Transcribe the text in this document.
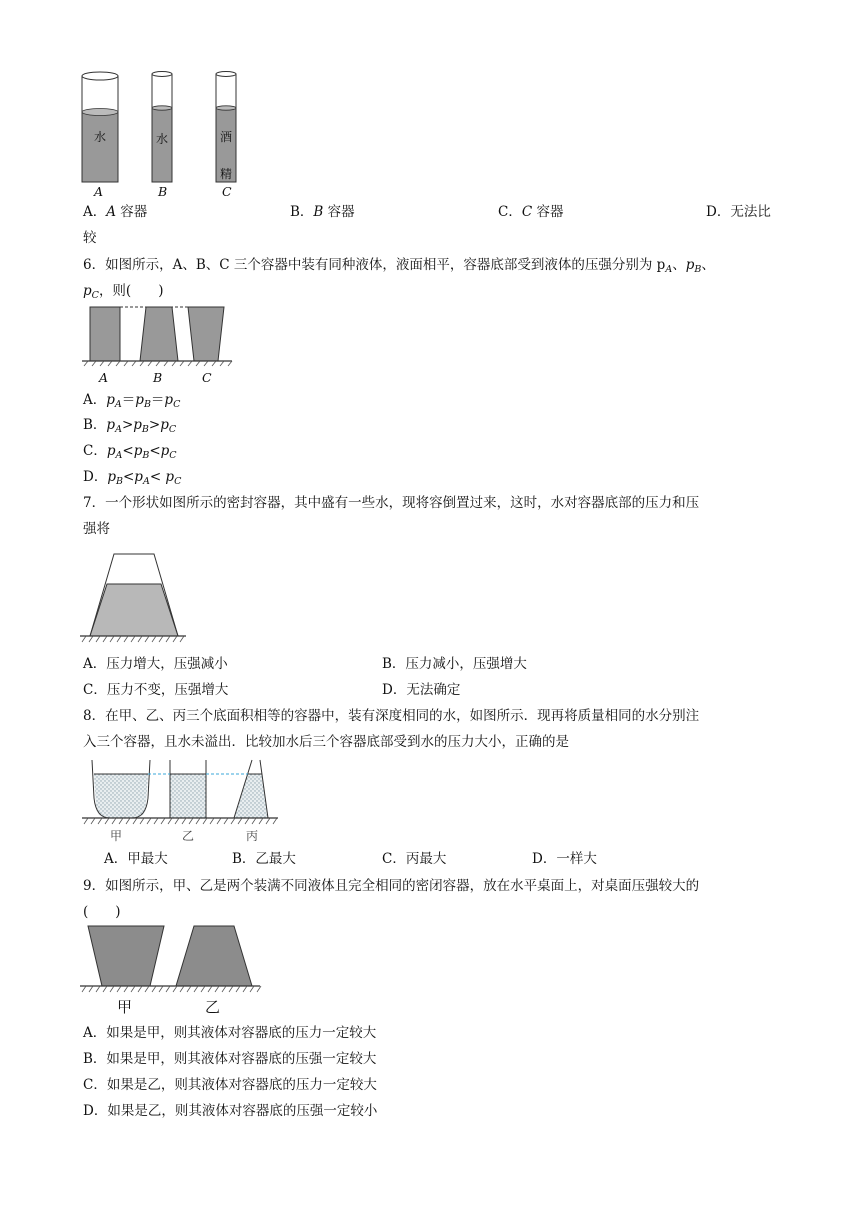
水	水	酒
精
A	B	C
A．A 容器	B．B 容器	C．C 容器	D．无法比
较
6．如图所示，A、B、C 三个容器中装有同种液体，液面相平，容器底部受到液体的压强分别为 $p_A$、$p_B$、
$p_C$，则(　　)
A	B	C
A．$p_A=p_B=p_C$
B．$p_A>p_B>p_C$
C．$p_A<p_B<p_C$
D．$p_B<p_A< p_C$
7．一个形状如图所示的密封容器，其中盛有一些水，现将容倒置过来，这时，水对容器底部的压力和压
强将
A．压力增大，压强减小	B．压力减小，压强增大
C．压力不变，压强增大	D．无法确定
8．在甲、乙、丙三个底面积相等的容器中，装有深度相同的水，如图所示．现再将质量相同的水分别注
入三个容器，且水未溢出．比较加水后三个容器底部受到水的压力大小，正确的是
甲	乙	丙
A．甲最大	B．乙最大	C．丙最大	D．一样大
9．如图所示，甲、乙是两个装满不同液体且完全相同的密闭容器，放在水平桌面上，对桌面压强较大的
(　　)
甲	乙
A．如果是甲，则其液体对容器底的压力一定较大
B．如果是甲，则其液体对容器底的压强一定较大
C．如果是乙，则其液体对容器底的压力一定较大
D．如果是乙，则其液体对容器底的压强一定较小
